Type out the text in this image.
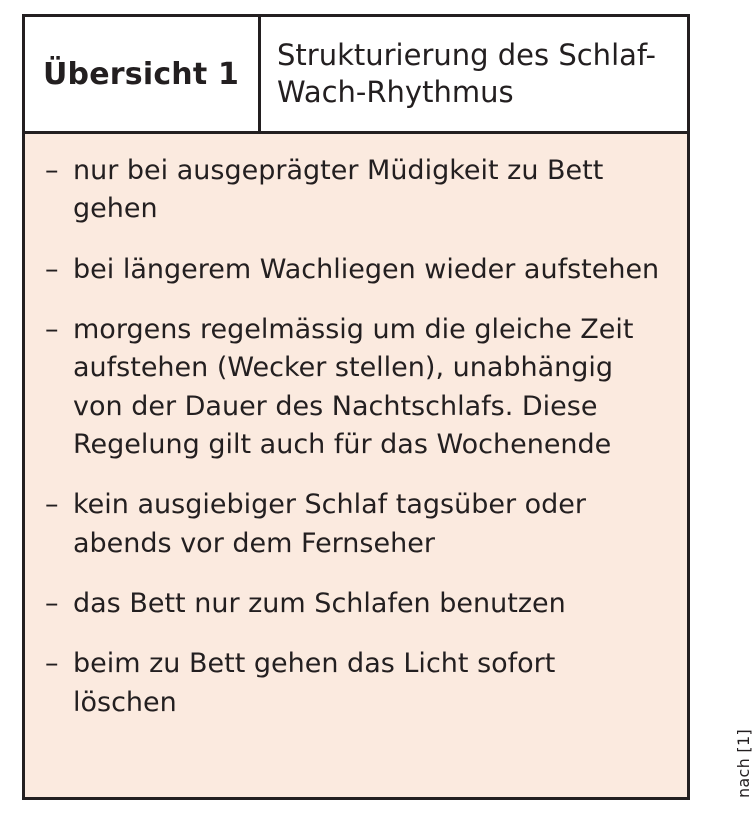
Übersicht 1
Strukturierung des Schlaf-Wach-Rhythmus
– nur bei ausgeprägter Müdigkeit zu Bett gehen
– bei längerem Wachliegen wieder aufstehen
– morgens regelmässig um die gleiche Zeit aufstehen (Wecker stellen), unabhängig von der Dauer des Nachtschlafs. Diese Regelung gilt auch für das Wochenende
– kein ausgiebiger Schlaf tagsüber oder abends vor dem Fernseher
– das Bett nur zum Schlafen benutzen
– beim zu Bett gehen das Licht sofort löschen
nach [1]
